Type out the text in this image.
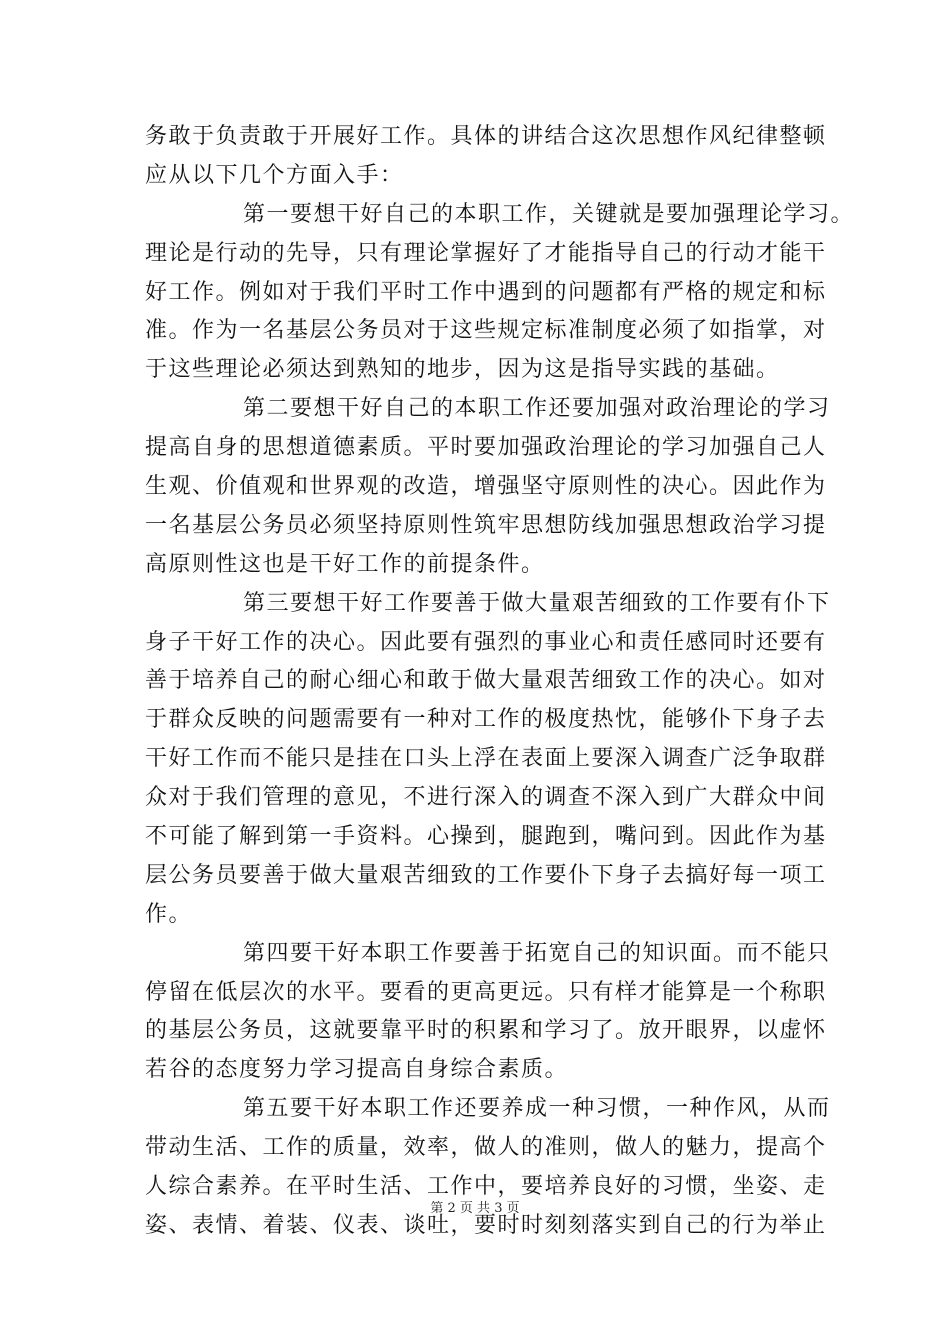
务敢于负责敢于开展好工作。具体的讲结合这次思想作风纪律整顿
应从以下几个方面入手：
第一要想干好自己的本职工作，关键就是要加强理论学习。
理论是行动的先导，只有理论掌握好了才能指导自己的行动才能干
好工作。例如对于我们平时工作中遇到的问题都有严格的规定和标
准。作为一名基层公务员对于这些规定标准制度必须了如指掌，对
于这些理论必须达到熟知的地步，因为这是指导实践的基础。
第二要想干好自己的本职工作还要加强对政治理论的学习
提高自身的思想道德素质。平时要加强政治理论的学习加强自己人
生观、价值观和世界观的改造，增强坚守原则性的决心。因此作为
一名基层公务员必须坚持原则性筑牢思想防线加强思想政治学习提
高原则性这也是干好工作的前提条件。
第三要想干好工作要善于做大量艰苦细致的工作要有仆下
身子干好工作的决心。因此要有强烈的事业心和责任感同时还要有
善于培养自己的耐心细心和敢于做大量艰苦细致工作的决心。如对
于群众反映的问题需要有一种对工作的极度热忱，能够仆下身子去
干好工作而不能只是挂在口头上浮在表面上要深入调查广泛争取群
众对于我们管理的意见，不进行深入的调查不深入到广大群众中间
不可能了解到第一手资料。心操到，腿跑到，嘴问到。因此作为基
层公务员要善于做大量艰苦细致的工作要仆下身子去搞好每一项工
作。
第四要干好本职工作要善于拓宽自己的知识面。而不能只
停留在低层次的水平。要看的更高更远。只有样才能算是一个称职
的基层公务员，这就要靠平时的积累和学习了。放开眼界，以虚怀
若谷的态度努力学习提高自身综合素质。
第五要干好本职工作还要养成一种习惯，一种作风，从而
带动生活、工作的质量，效率，做人的准则，做人的魅力，提高个
人综合素养。在平时生活、工作中，要培养良好的习惯，坐姿、走
姿、表情、着装、仪表、谈吐，要时时刻刻落实到自己的行为举止
第 2 页 共 3 页
